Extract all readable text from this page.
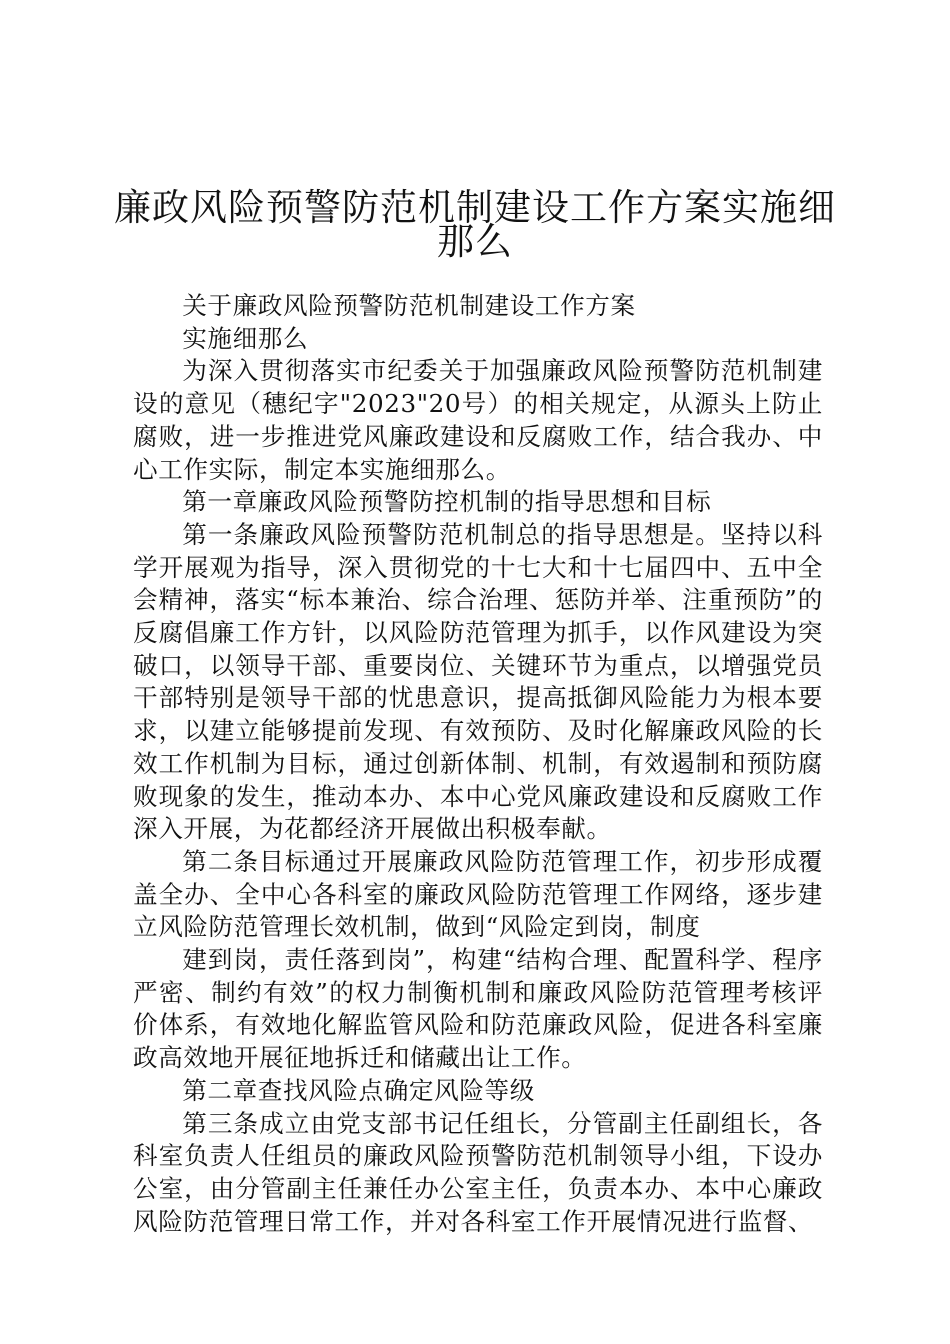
廉政风险预警防范机制建设工作方案实施细
那么

关于廉政风险预警防范机制建设工作方案

实施细那么

为深入贯彻落实市纪委关于加强廉政风险预警防范机制建设的意见（穗纪字"2023"20号）的相关规定，从源头上防止腐败，进一步推进党风廉政建设和反腐败工作，结合我办、中心工作实际，制定本实施细那么。

第一章廉政风险预警防控机制的指导思想和目标

第一条廉政风险预警防范机制总的指导思想是。坚持以科学开展观为指导，深入贯彻党的十七大和十七届四中、五中全会精神，落实“标本兼治、综合治理、惩防并举、注重预防”的反腐倡廉工作方针，以风险防范管理为抓手，以作风建设为突破口，以领导干部、重要岗位、关键环节为重点，以增强党员干部特别是领导干部的忧患意识，提高抵御风险能力为根本要求，以建立能够提前发现、有效预防、及时化解廉政风险的长效工作机制为目标，通过创新体制、机制，有效遏制和预防腐败现象的发生，推动本办、本中心党风廉政建设和反腐败工作深入开展，为花都经济开展做出积极奉献。

第二条目标通过开展廉政风险防范管理工作，初步形成覆盖全办、全中心各科室的廉政风险防范管理工作网络，逐步建立风险防范管理长效机制，做到“风险定到岗，制度

建到岗，责任落到岗”，构建“结构合理、配置科学、程序严密、制约有效”的权力制衡机制和廉政风险防范管理考核评价体系，有效地化解监管风险和防范廉政风险，促进各科室廉政高效地开展征地拆迁和储藏出让工作。

第二章查找风险点确定风险等级

第三条成立由党支部书记任组长，分管副主任副组长，各科室负责人任组员的廉政风险预警防范机制领导小组，下设办公室，由分管副主任兼任办公室主任，负责本办、本中心廉政风险防范管理日常工作，并对各科室工作开展情况进行监督、
